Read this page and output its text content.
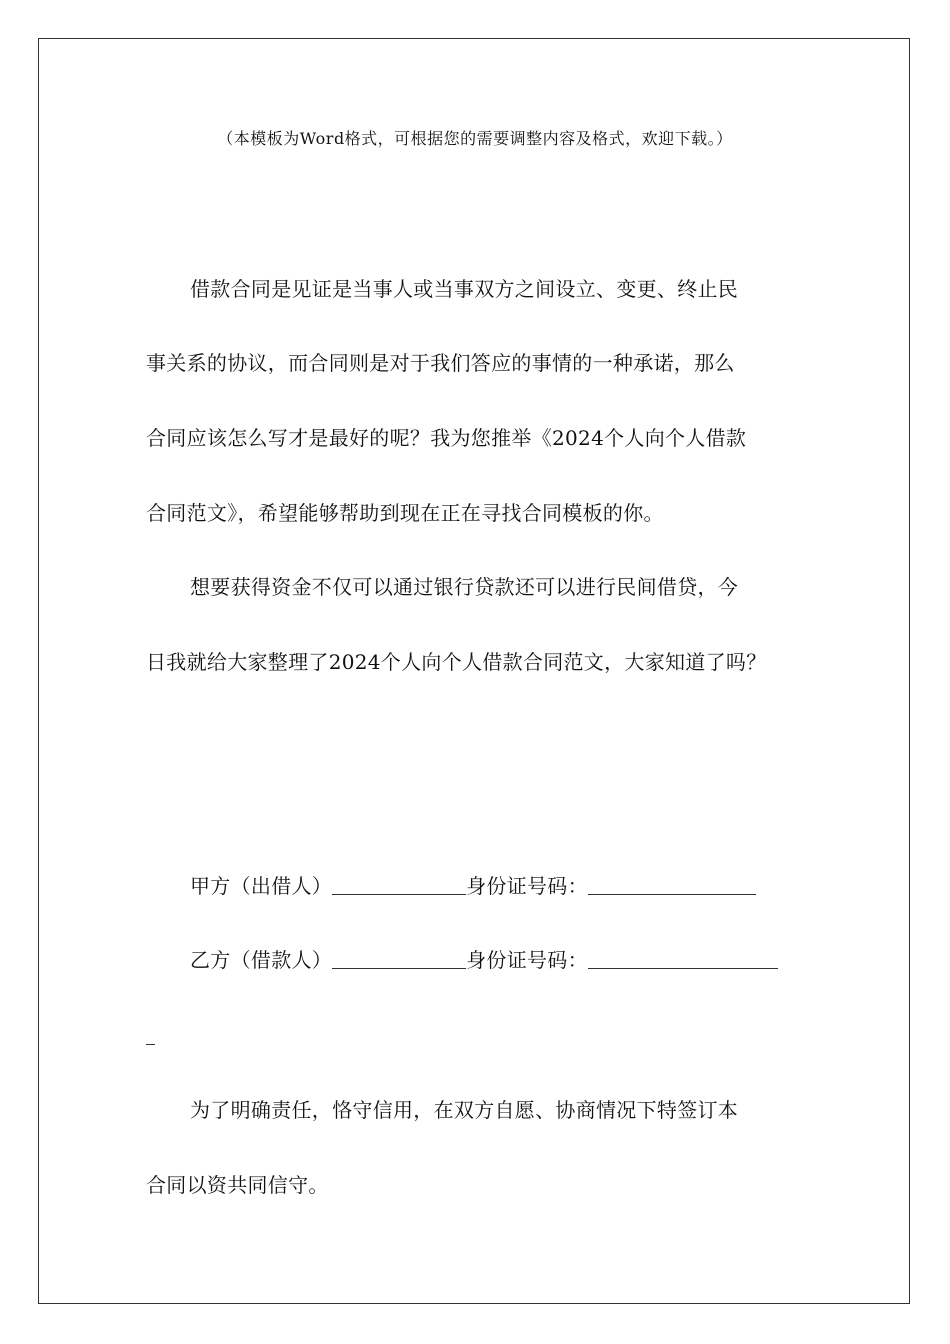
（本模板为Word格式，可根据您的需要调整内容及格式，欢迎下载。）
借款合同是见证是当事人或当事双方之间设立、变更、终止民
事关系的协议，而合同则是对于我们答应的事情的一种承诺，那么
合同应该怎么写才是最好的呢？我为您推举《2024个人向个人借款
合同范文》，希望能够帮助到现在正在寻找合同模板的你。
想要获得资金不仅可以通过银行贷款还可以进行民间借贷，今
日我就给大家整理了2024个人向个人借款合同范文，大家知道了吗？
甲方（出借人）	身份证号码：
乙方（借款人）	身份证号码：
为了明确责任，恪守信用，在双方自愿、协商情况下特签订本
合同以资共同信守。
